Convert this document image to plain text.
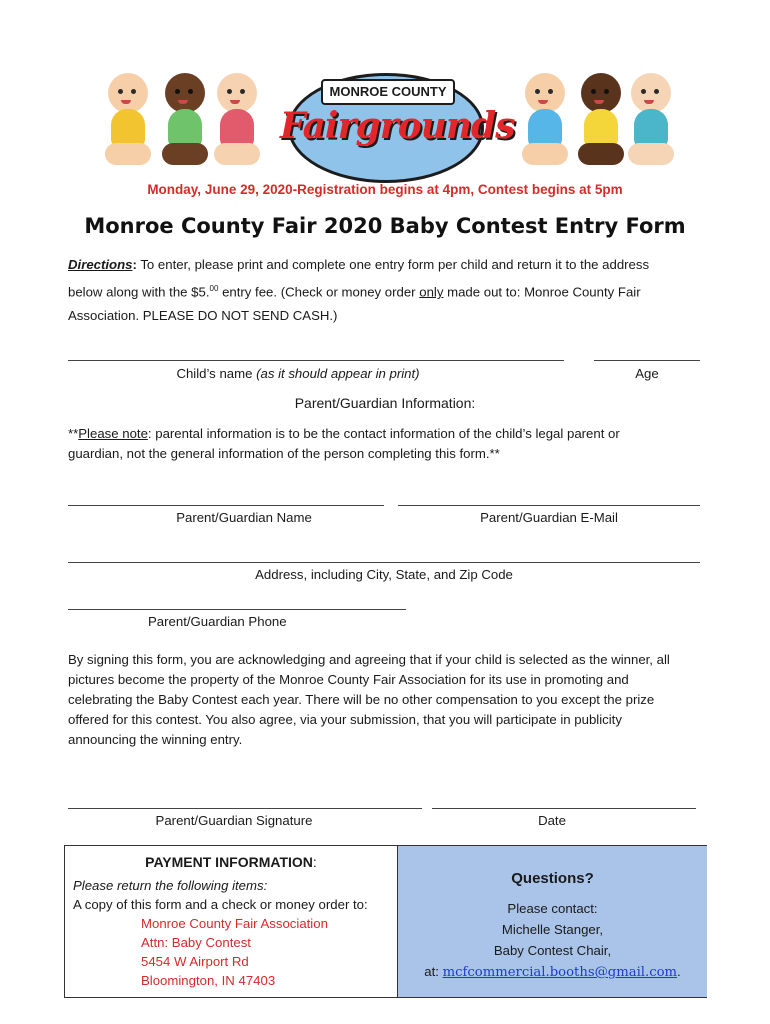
MONROE COUNTY
Fairgrounds
Monday, June 29, 2020-Registration begins at 4pm, Contest begins at 5pm
Monroe County Fair 2020 Baby Contest Entry Form
Directions: To enter, please print and complete one entry form per child and return it to the address
below along with the $5.00 entry fee. (Check or money order only made out to: Monroe County Fair
Association. PLEASE DO NOT SEND CASH.)
Child’s name (as it should appear in print)	Age
Parent/Guardian Information:
**Please note: parental information is to be the contact information of the child’s legal parent or
guardian, not the general information of the person completing this form.**
Parent/Guardian Name	Parent/Guardian E-Mail
Address, including City, State, and Zip Code
Parent/Guardian Phone
By signing this form, you are acknowledging and agreeing that if your child is selected as the winner, all
pictures become the property of the Monroe County Fair Association for its use in promoting and
celebrating the Baby Contest each year. There will be no other compensation to you except the prize
offered for this contest. You also agree, via your submission, that you will participate in publicity
announcing the winning entry.
Parent/Guardian Signature	Date
PAYMENT INFORMATION:
Please return the following items:
A copy of this form and a check or money order to:
Monroe County Fair Association
Attn: Baby Contest
5454 W Airport Rd
Bloomington, IN 47403
Questions?
Please contact:
Michelle Stanger,
Baby Contest Chair,
at: mcfcommercial.booths@gmail.com.
